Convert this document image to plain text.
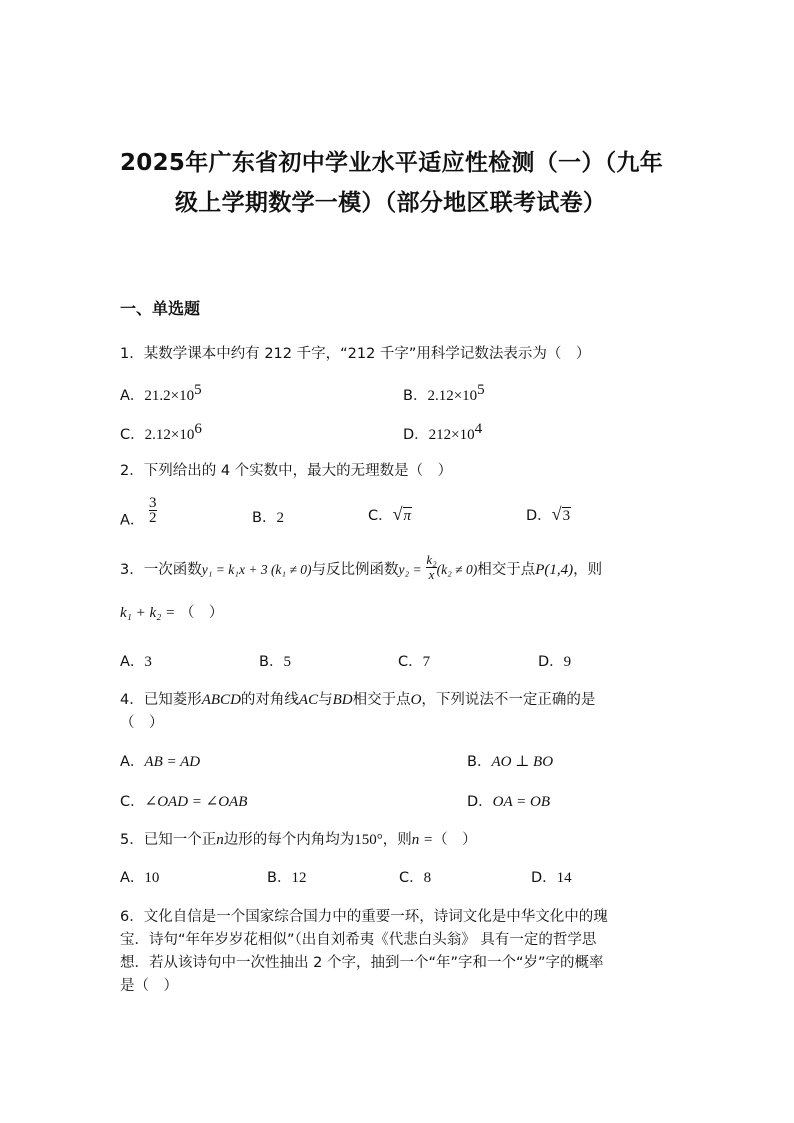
2025年广东省初中学业水平适应性检测（一）（九年
级上学期数学一模）（部分地区联考试卷）
一、单选题
1．某数学课本中约有 212 千字，“212 千字”用科学记数法表示为（　）
A．$21.2\times 10^5$	B．$2.12\times 10^5$
C．$2.12\times 10^6$	D．$212\times 10^4$
2．下列给出的 4 个实数中，最大的无理数是（　）
A． $\frac{3}{2}$	B．2	C． √ π	D． √ 3
3．一次函数y₁ = k₁x + 3 (k₁ ≠ 0)与反比例函数$y_2 = \frac{\text{k₂}}{x} (k_2 \ne 0)$相交于点P(1,4)，则
k₁ + k₂ = （　）
A．3	B．5	C．7	D．9
4．已知菱形ABCD的对角线AC与BD相交于点O，下列说法不一定正确的是
（　）
A．AB = AD	B．AO ⊥ BO
C．∠OAD = ∠OAB	D．OA = OB
5．已知一个正n边形的每个内角均为150°，则n =（　）
A．10	B．12	C．8	D．14
6．文化自信是一个国家综合国力中的重要一环，诗词文化是中华文化中的瑰
宝．诗句“年年岁岁花相似”（出自刘希夷《代悲白头翁》 具有一定的哲学思
想．若从该诗句中一次性抽出 2 个字，抽到一个“年”字和一个“岁”字的概率
是（　）
